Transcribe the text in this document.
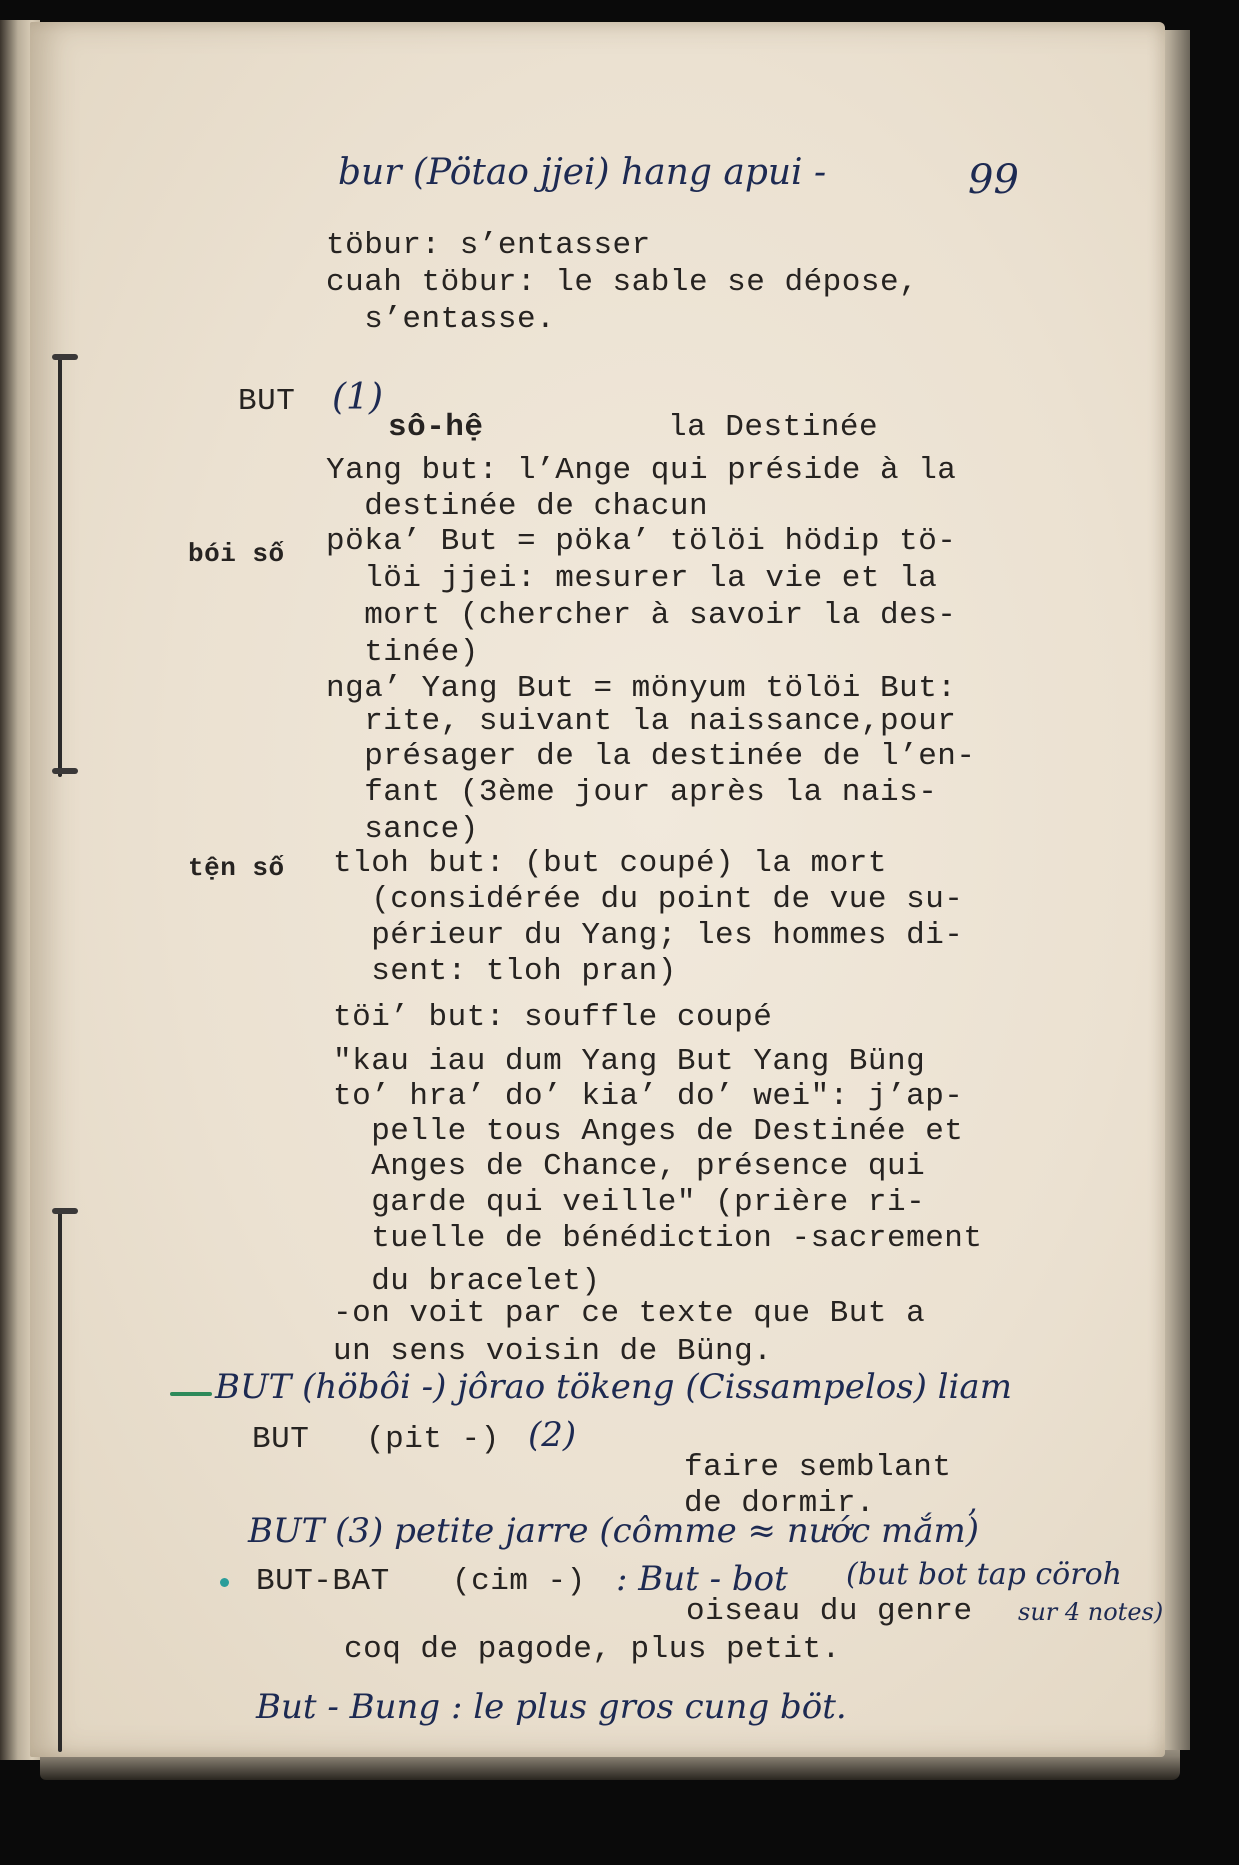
bur (Pötao jjei) hang apui -	99
töbur: s’entasser
cuah töbur: le sable se dépose,
s’entasse.
BUT (1)
sô-hệ	la Destinée
Yang but: l’Ange qui préside à la
destinée de chacun
bói số pöka’ But = pöka’ tölöi hödip tö-
löi jjei: mesurer la vie et la
mort (chercher à savoir la des-
tinée)
nga’ Yang But = mönyum tölöi But:
rite, suivant la naissance,pour
présager de la destinée de l’en-
fant (3ème jour après la nais-
sance)
tện số tloh but: (but coupé) la mort
(considérée du point de vue su-
périeur du Yang; les hommes di-
sent: tloh pran)
töi’ but: souffle coupé
"kau iau dum Yang But Yang Büng
to’ hra’ do’ kia’ do’ wei": j’ap-
pelle tous Anges de Destinée et
Anges de Chance, présence qui
garde qui veille" (prière ri-
tuelle de bénédiction -sacrement
du bracelet)
-on voit par ce texte que But a
un sens voisin de Büng.
BUT (höbôi -) jôrao tökeng (Cissampelos) liam
BUT (pit -) (2)
faire semblant
de dormir.	,
BUT (3) petite jarre (cômme ≈ nước mắm)
BUT-BAT (cim -) : But - bot (but bot tap cöroh
oiseau du genre sur 4 notes)
coq de pagode, plus petit.
But - Bung : le plus gros cung böt.
